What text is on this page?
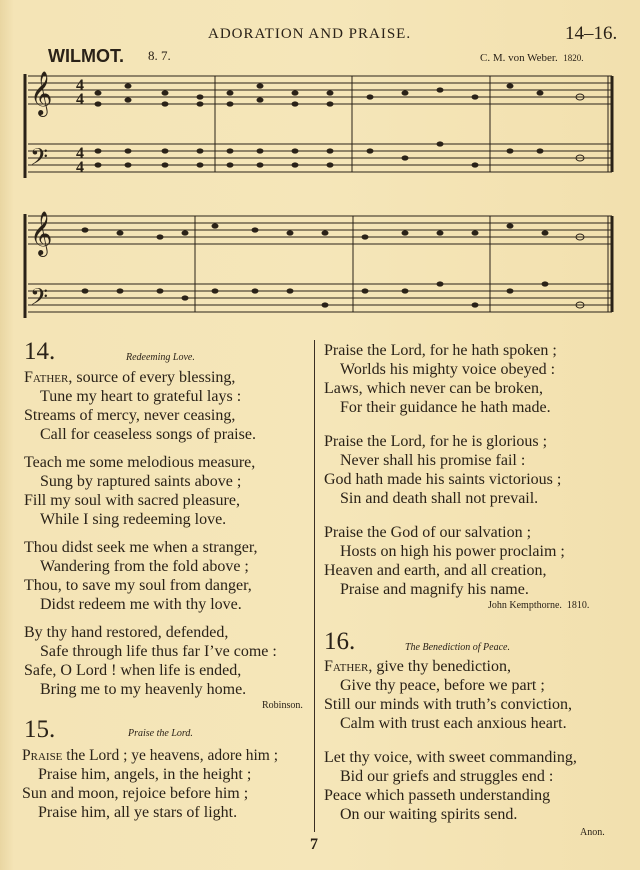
ADORATION AND PRAISE.	14–16.
WILMOT. 8. 7.	C. M. von Weber. 1820.
𝄞
𝄢
4
4
4
4
𝄞
𝄢
14.	Redeeming Love.
Father, source of every blessing,
Tune my heart to grateful lays :
Streams of mercy, never ceasing,
Call for ceaseless songs of praise.
Teach me some melodious measure,
Sung by raptured saints above ;
Fill my soul with sacred pleasure,
While I sing redeeming love.
Thou didst seek me when a stranger,
Wandering from the fold above ;
Thou, to save my soul from danger,
Didst redeem me with thy love.
By thy hand restored, defended,
Safe through life thus far I’ve come :
Safe, O Lord ! when life is ended,
Bring me to my heavenly home.
Robinson.
15.	Praise the Lord.
Praise the Lord ; ye heavens, adore him ;
Praise him, angels, in the height ;
Sun and moon, rejoice before him ;
Praise him, all ye stars of light.
Praise the Lord, for he hath spoken ;
Worlds his mighty voice obeyed :
Laws, which never can be broken,
For their guidance he hath made.
Praise the Lord, for he is glorious ;
Never shall his promise fail :
God hath made his saints victorious ;
Sin and death shall not prevail.
Praise the God of our salvation ;
Hosts on high his power proclaim ;
Heaven and earth, and all creation,
Praise and magnify his name.
John Kempthorne. 1810.
16.	The Benediction of Peace.
Father, give thy benediction,
Give thy peace, before we part ;
Still our minds with truth’s conviction,
Calm with trust each anxious heart.
Let thy voice, with sweet commanding,
Bid our griefs and struggles end :
Peace which passeth understanding
On our waiting spirits send.
Anon.
7
